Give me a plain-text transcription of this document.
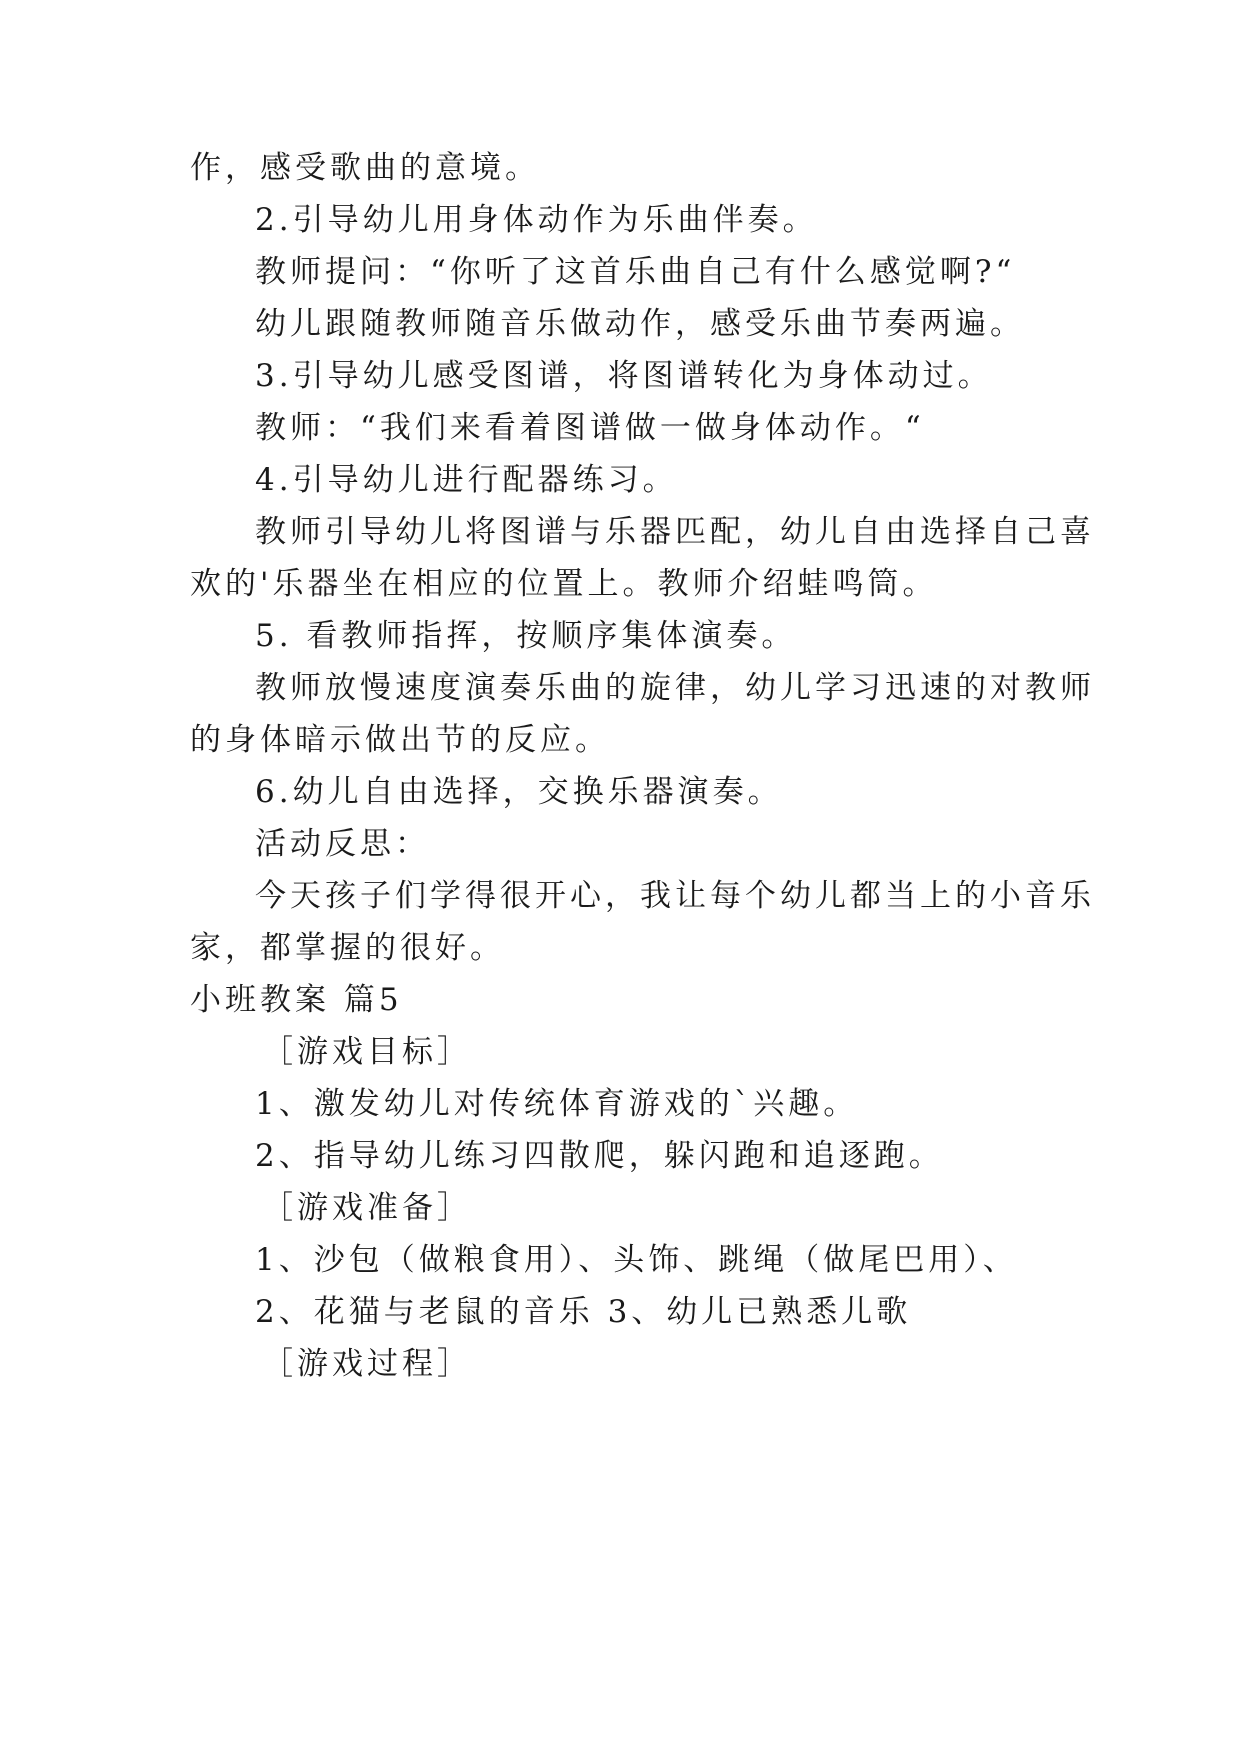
作，感受歌曲的意境。
2.引导幼儿用身体动作为乐曲伴奏。
教师提问：“你听了这首乐曲自己有什么感觉啊?“
幼儿跟随教师随音乐做动作，感受乐曲节奏两遍。
3.引导幼儿感受图谱，将图谱转化为身体动过。
教师：“我们来看着图谱做一做身体动作。“
4.引导幼儿进行配器练习。
教师引导幼儿将图谱与乐器匹配，幼儿自由选择自己喜
欢的'乐器坐在相应的位置上。教师介绍蛙鸣筒。
5. 看教师指挥，按顺序集体演奏。
教师放慢速度演奏乐曲的旋律，幼儿学习迅速的对教师
的身体暗示做出节的反应。
6.幼儿自由选择，交换乐器演奏。
活动反思：
今天孩子们学得很开心，我让每个幼儿都当上的小音乐
家，都掌握的很好。
小班教案 篇5
［游戏目标］
1、激发幼儿对传统体育游戏的`兴趣。
2、指导幼儿练习四散爬，躲闪跑和追逐跑。
［游戏准备］
1、沙包（做粮食用）、头饰、跳绳（做尾巴用）、
2、花猫与老鼠的音乐 3、幼儿已熟悉儿歌
［游戏过程］
